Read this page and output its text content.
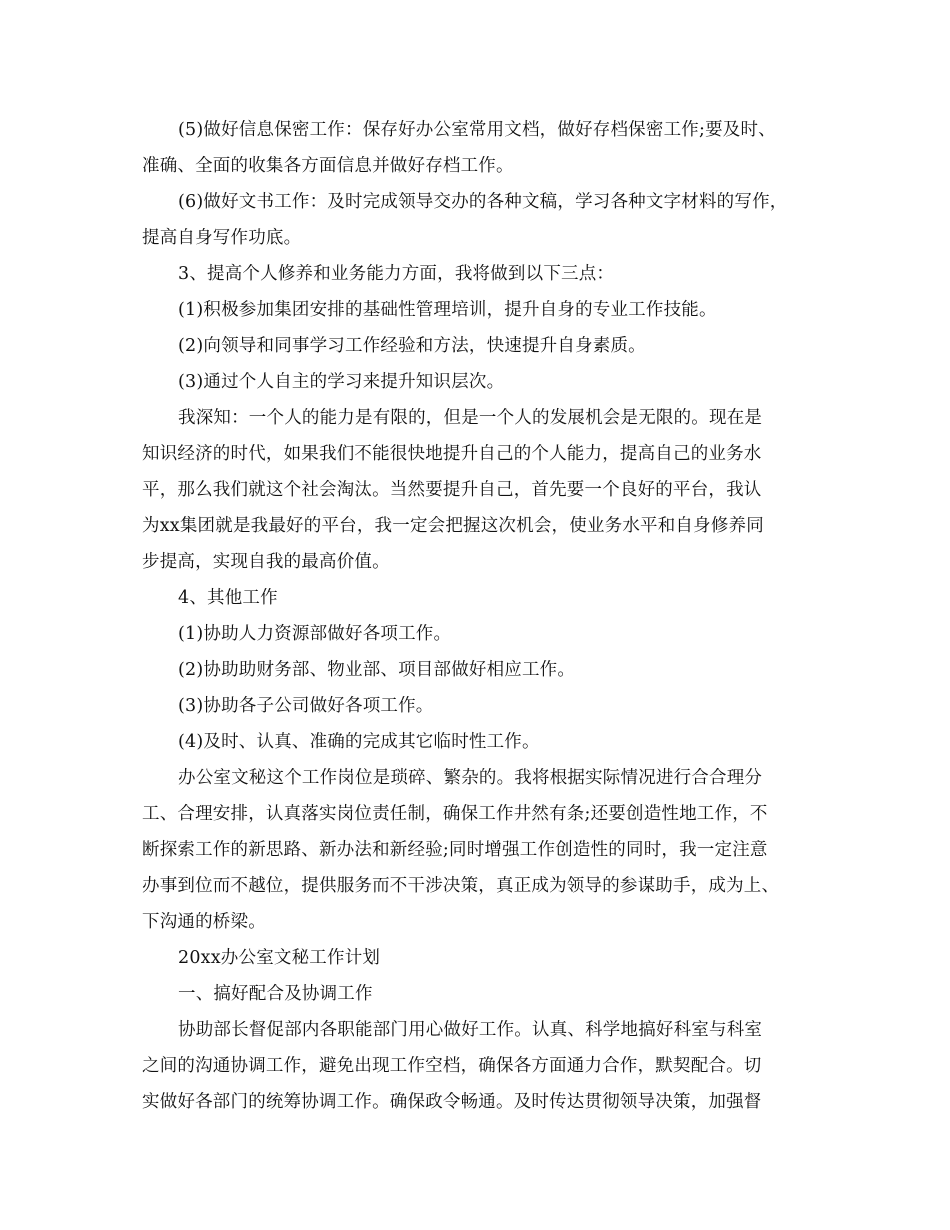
(5)做好信息保密工作：保存好办公室常用文档，做好存档保密工作;要及时、
准确、全面的收集各方面信息并做好存档工作。
(6)做好文书工作：及时完成领导交办的各种文稿，学习各种文字材料的写作，
提高自身写作功底。
3、提高个人修养和业务能力方面，我将做到以下三点：
(1)积极参加集团安排的基础性管理培训，提升自身的专业工作技能。
(2)向领导和同事学习工作经验和方法，快速提升自身素质。
(3)通过个人自主的学习来提升知识层次。
我深知：一个人的能力是有限的，但是一个人的发展机会是无限的。现在是
知识经济的时代，如果我们不能很快地提升自己的个人能力，提高自己的业务水
平，那么我们就这个社会淘汰。当然要提升自己，首先要一个良好的平台，我认
为xx集团就是我最好的平台，我一定会把握这次机会，使业务水平和自身修养同
步提高，实现自我的最高价值。
4、其他工作
(1)协助人力资源部做好各项工作。
(2)协助助财务部、物业部、项目部做好相应工作。
(3)协助各子公司做好各项工作。
(4)及时、认真、准确的完成其它临时性工作。
办公室文秘这个工作岗位是琐碎、繁杂的。我将根据实际情况进行合合理分
工、合理安排，认真落实岗位责任制，确保工作井然有条;还要创造性地工作，不
断探索工作的新思路、新办法和新经验;同时增强工作创造性的同时，我一定注意
办事到位而不越位，提供服务而不干涉决策，真正成为领导的参谋助手，成为上、
下沟通的桥梁。
20xx办公室文秘工作计划
一、搞好配合及协调工作
协助部长督促部内各职能部门用心做好工作。认真、科学地搞好科室与科室
之间的沟通协调工作，避免出现工作空档，确保各方面通力合作，默契配合。切
实做好各部门的统筹协调工作。确保政令畅通。及时传达贯彻领导决策，加强督
